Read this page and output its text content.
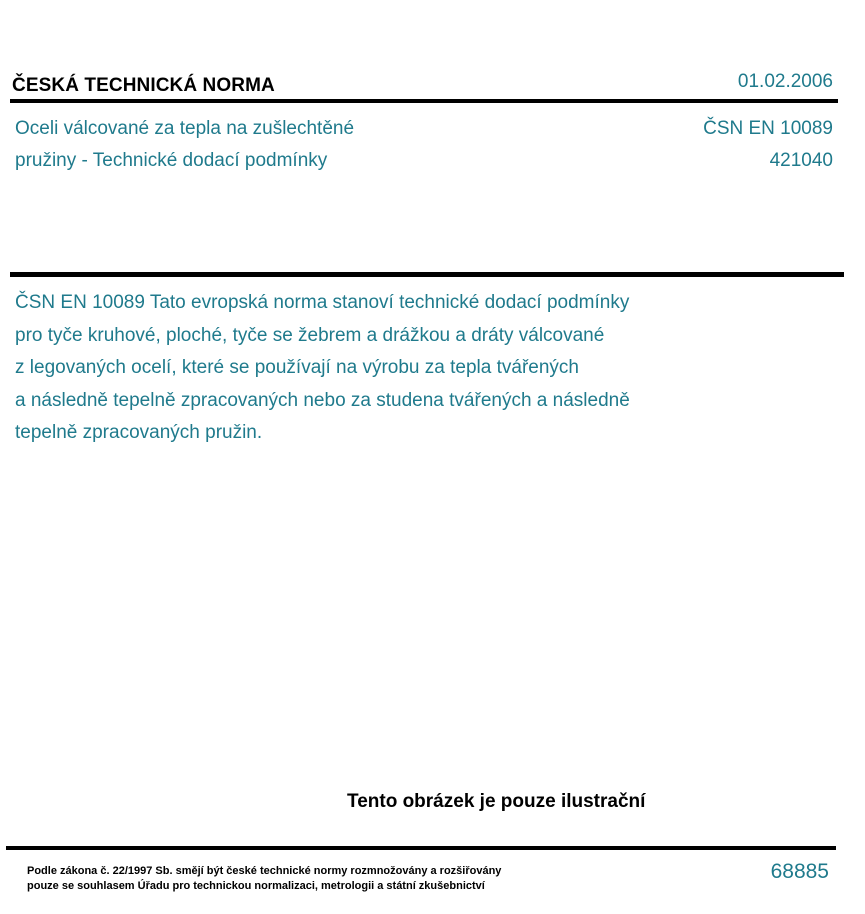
ČESKÁ TECHNICKÁ NORMA	01.02.2006
Oceli válcované za tepla na zušlechtěné
pružiny - Technické dodací podmínky
ČSN EN 10089
421040
ČSN EN 10089 Tato evropská norma stanoví technické dodací podmínky
pro tyče kruhové, ploché, tyče se žebrem a drážkou a dráty válcované
z legovaných ocelí, které se používají na výrobu za tepla tvářených
a následně tepelně zpracovaných nebo za studena tvářených a následně
tepelně zpracovaných pružin.
Tento obrázek je pouze ilustrační
Podle zákona č. 22/1997 Sb. smějí být české technické normy rozmnožovány a rozšiřovány
pouze se souhlasem Úřadu pro technickou normalizaci, metrologii a státní zkušebnictví
68885
